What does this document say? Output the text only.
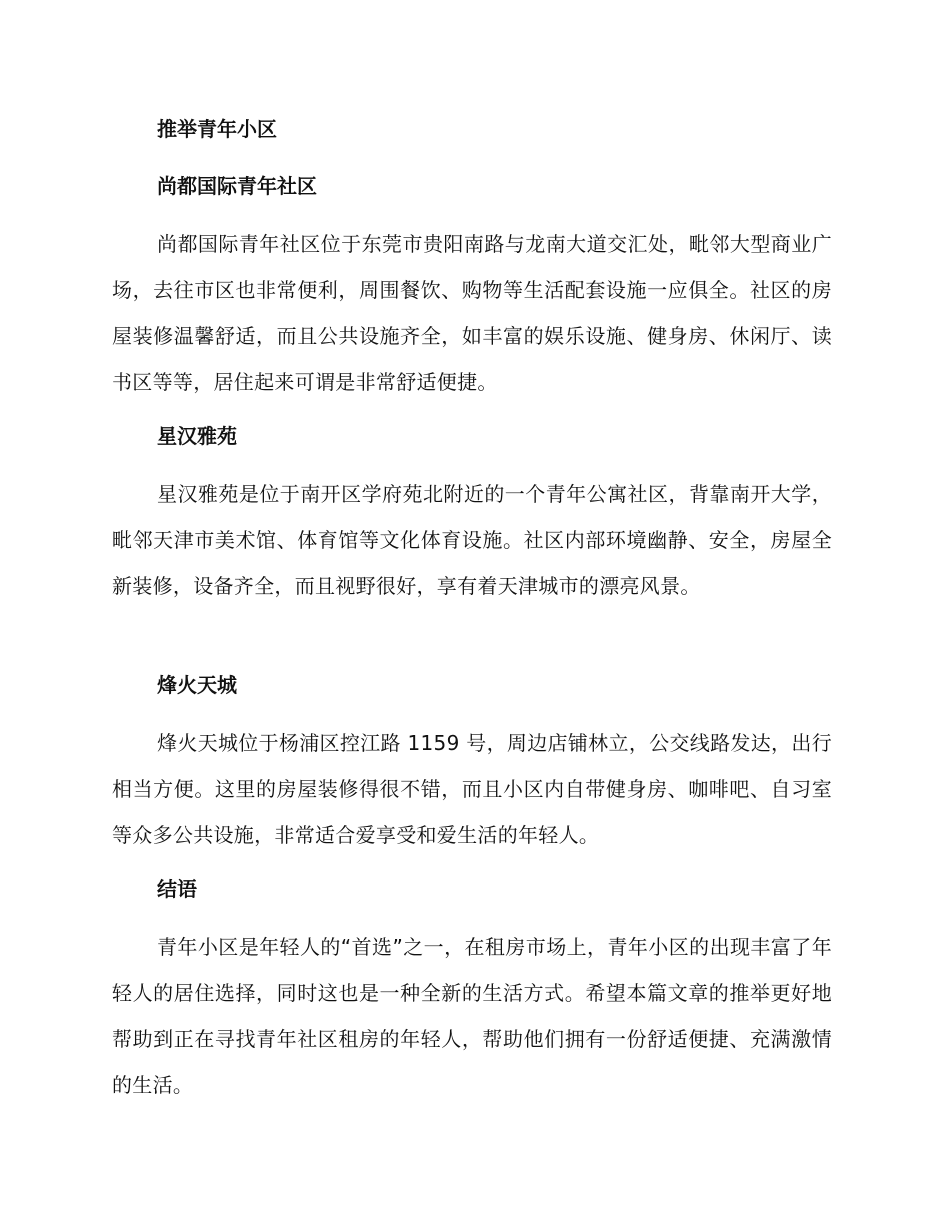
推举青年小区
尚都国际青年社区

尚都国际青年社区位于东莞市贵阳南路与龙南大道交汇处，毗邻大型商业广场，去往市区也非常便利，周围餐饮、购物等生活配套设施一应俱全。社区的房屋装修温馨舒适，而且公共设施齐全，如丰富的娱乐设施、健身房、休闲厅、读书区等等，居住起来可谓是非常舒适便捷。

星汉雅苑

星汉雅苑是位于南开区学府苑北附近的一个青年公寓社区，背靠南开大学，毗邻天津市美术馆、体育馆等文化体育设施。社区内部环境幽静、安全，房屋全新装修，设备齐全，而且视野很好，享有着天津城市的漂亮风景。

烽火天城

烽火天城位于杨浦区控江路 1159 号，周边店铺林立，公交线路发达，出行相当方便。这里的房屋装修得很不错，而且小区内自带健身房、咖啡吧、自习室等众多公共设施，非常适合爱享受和爱生活的年轻人。

结语

青年小区是年轻人的“首选”之一，在租房市场上，青年小区的出现丰富了年轻人的居住选择，同时这也是一种全新的生活方式。希望本篇文章的推举更好地帮助到正在寻找青年社区租房的年轻人，帮助他们拥有一份舒适便捷、充满激情的生活。
